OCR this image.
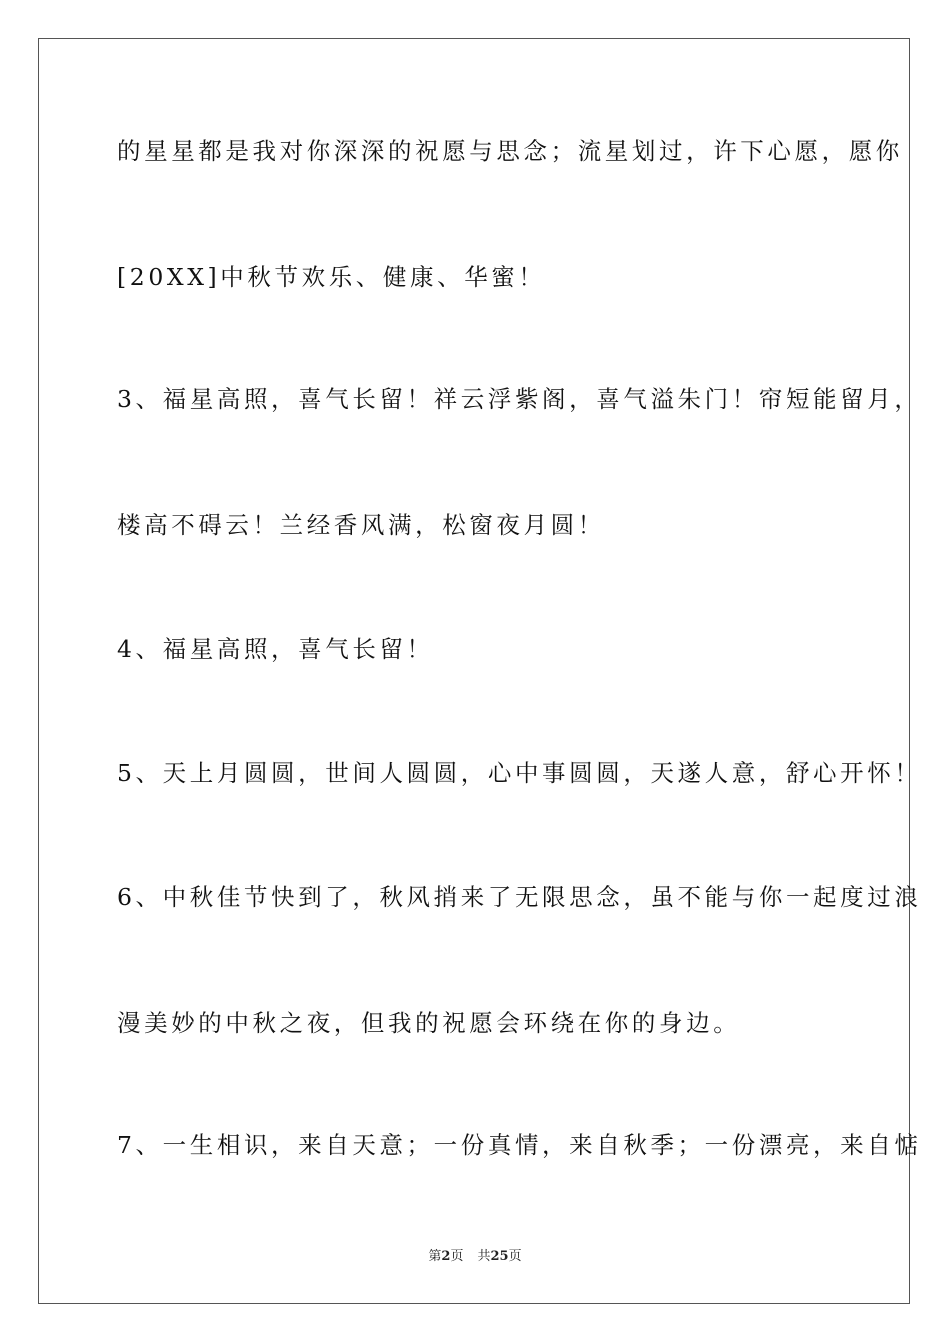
的星星都是我对你深深的祝愿与思念；流星划过，许下心愿，愿你
[20XX]中秋节欢乐、健康、华蜜！
3、福星高照，喜气长留！祥云浮紫阁，喜气溢朱门！帘短能留月，
楼高不碍云！兰经香风满，松窗夜月圆！
4、福星高照，喜气长留！
5、天上月圆圆，世间人圆圆，心中事圆圆，天遂人意，舒心开怀！
6、中秋佳节快到了，秋风捎来了无限思念，虽不能与你一起度过浪
漫美妙的中秋之夜，但我的祝愿会环绕在你的身边。
7、一生相识，来自天意；一份真情，来自秋季；一份漂亮，来自惦
第2页 共25页
